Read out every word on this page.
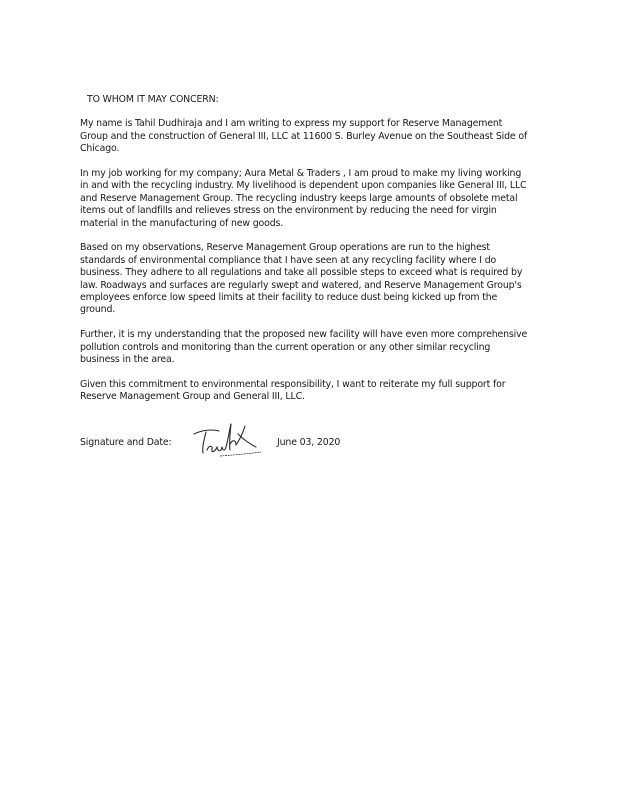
TO WHOM IT MAY CONCERN:
My name is Tahil Dudhiraja and I am writing to express my support for Reserve Management Group and the construction of General III, LLC at 11600 S. Burley Avenue on the Southeast Side of Chicago.
In my job working for my company; Aura Metal & Traders , I am proud to make my living working in and with the recycling industry. My livelihood is dependent upon companies like General III, LLC and Reserve Management Group. The recycling industry keeps large amounts of obsolete metal items out of landfills and relieves stress on the environment by reducing the need for virgin material in the manufacturing of new goods.
Based on my observations, Reserve Management Group operations are run to the highest standards of environmental compliance that I have seen at any recycling facility where I do business. They adhere to all regulations and take all possible steps to exceed what is required by law. Roadways and surfaces are regularly swept and watered, and Reserve Management Group's employees enforce low speed limits at their facility to reduce dust being kicked up from the ground.
Further, it is my understanding that the proposed new facility will have even more comprehensive pollution controls and monitoring than the current operation or any other similar recycling business in the area.
Given this commitment to environmental responsibility, I want to reiterate my full support for Reserve Management Group and General III, LLC.
Signature and Date:	June 03, 2020
